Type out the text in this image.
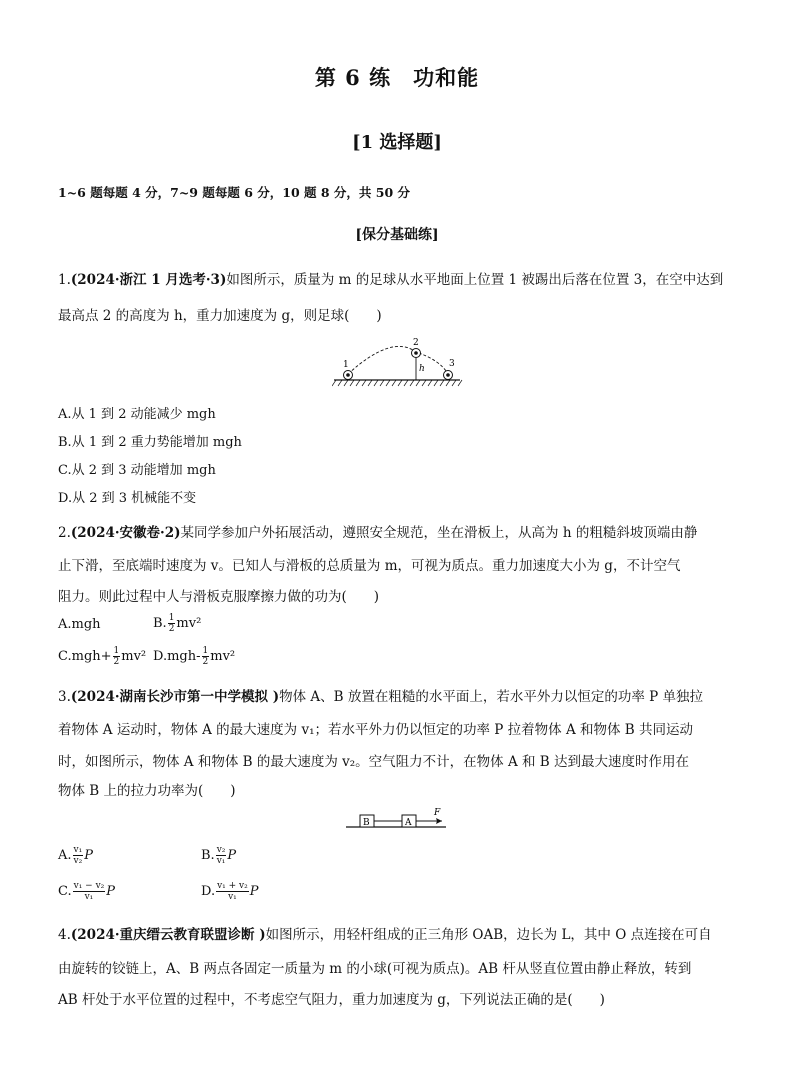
第 6 练　功和能
[1 选择题]
1~6 题每题 4 分，7~9 题每题 6 分，10 题 8 分，共 50 分
[保分基础练]
1.(2024·浙江 1 月选考·3)如图所示，质量为 m 的足球从水平地面上位置 1 被踢出后落在位置 3，在空中达到
最高点 2 的高度为 h，重力加速度为 g，则足球(　　)
1
2
3
h
A.从 1 到 2 动能减少 mgh
B.从 1 到 2 重力势能增加 mgh
C.从 2 到 3 动能增加 mgh
D.从 2 到 3 机械能不变
2.(2024·安徽卷·2)某同学参加户外拓展活动，遵照安全规范，坐在滑板上，从高为 h 的粗糙斜坡顶端由静
止下滑，至底端时速度为 v。已知人与滑板的总质量为 m，可视为质点。重力加速度大小为 g，不计空气
阻力。则此过程中人与滑板克服摩擦力做的功为(　　)
A.mgh	B. $\frac{1}{2} mv^2$
$C.mgh+ \frac{1}{2} mv^2$ $D.mgh- \frac{1}{2} mv^2$
3.(2024·湖南长沙市第一中学模拟 )物体 A、B 放置在粗糙的水平面上，若水平外力以恒定的功率 P 单独拉
着物体 A 运动时，物体 A 的最大速度为 v₁；若水平外力仍以恒定的功率 P 拉着物体 A 和物体 B 共同运动
时，如图所示，物体 A 和物体 B 的最大速度为 v₂。空气阻力不计，在物体 A 和 B 达到最大速度时作用在
物体 B 上的拉力功率为(　　)
B	A
F
A. $\frac{\text{v₁}}{\text{v₂}}$ P	B. $\frac{\text{v₂}}{\text{v₁}}$ P
C. $\frac{\text{v₁ − v₂}}{\text{v₁}}$ P	D. $\frac{\text{v₁ + v₂}}{\text{v₁}}$ P
4.(2024·重庆缙云教育联盟诊断 )如图所示，用轻杆组成的正三角形 OAB，边长为 L，其中 O 点连接在可自
由旋转的铰链上，A、B 两点各固定一质量为 m 的小球(可视为质点)。AB 杆从竖直位置由静止释放，转到
AB 杆处于水平位置的过程中，不考虑空气阻力，重力加速度为 g，下列说法正确的是(　　)
